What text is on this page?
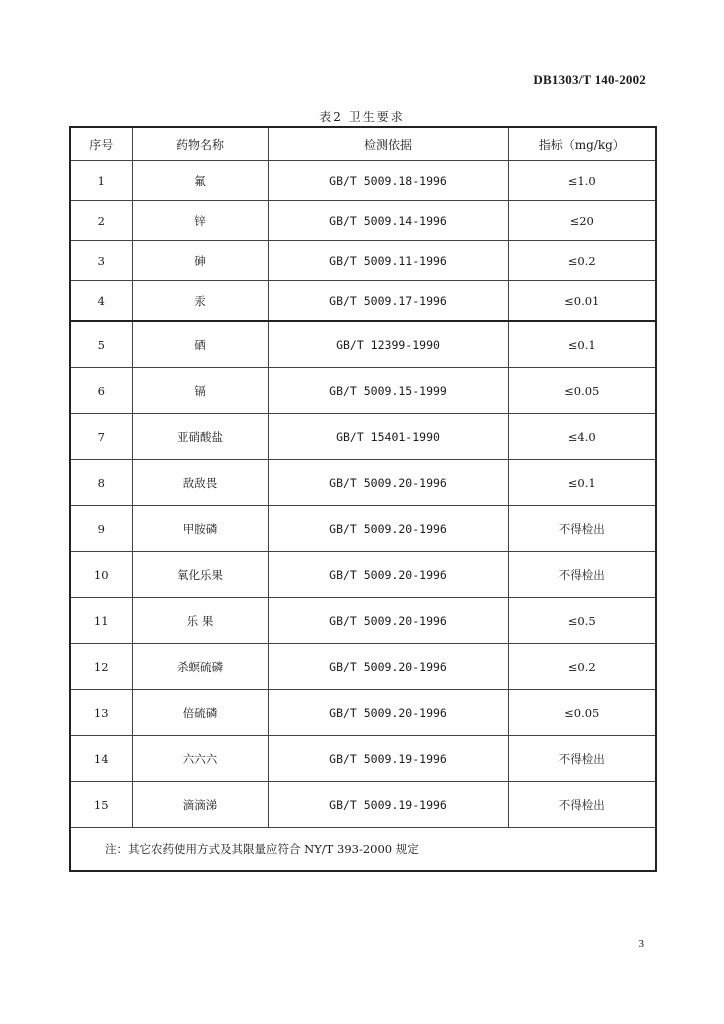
DB1303/T 140-2002
表2 卫生要求
序号	药物名称	检测依据	指标（mg/kg）
1	氟	GB/T 5009.18-1996	≤1.0
2	锌	GB/T 5009.14-1996	≤20
3	砷	GB/T 5009.11-1996	≤0.2
4	汞	GB/T 5009.17-1996	≤0.01
5	硒	GB/T 12399-1990	≤0.1
6	镉	GB/T 5009.15-1999	≤0.05
7	亚硝酸盐	GB/T 15401-1990	≤4.0
8	敌敌畏	GB/T 5009.20-1996	≤0.1
9	甲胺磷	GB/T 5009.20-1996	不得检出
10	氧化乐果	GB/T 5009.20-1996	不得检出
11	乐 果	GB/T 5009.20-1996	≤0.5
12	杀螟硫磷	GB/T 5009.20-1996	≤0.2
13	倍硫磷	GB/T 5009.20-1996	≤0.05
14	六六六	GB/T 5009.19-1996	不得检出
15	滴滴涕	GB/T 5009.19-1996	不得检出
注：其它农药使用方式及其限量应符合 NY/T 393-2000 规定			
3
